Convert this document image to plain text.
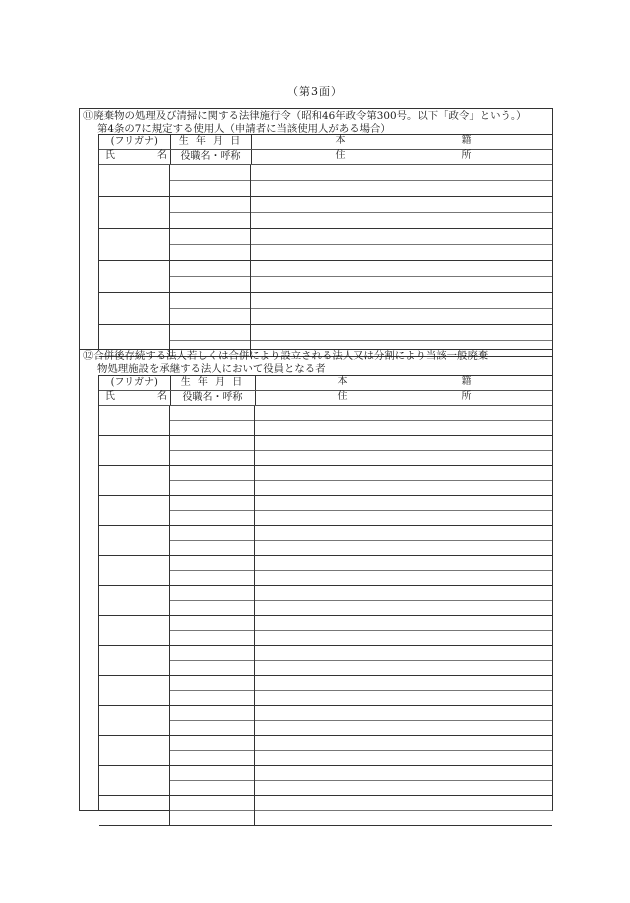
（第3面）
⑪廃棄物の処理及び清掃に関する法律施行令（昭和46年政令第300号。以下「政令」という。）
第4条の7に規定する使用人（申請者に当該使用人がある場合）
(フリガナ)	生 年 月 日	本 籍

氏 名	役職名・呼称	住 所
⑫合併後存続する法人若しくは合併により設立される法人又は分割により当該一般廃棄
物処理施設を承継する法人において役員となる者
(フリガナ)	生 年 月 日	本 籍

氏 名	役職名・呼称	住 所
